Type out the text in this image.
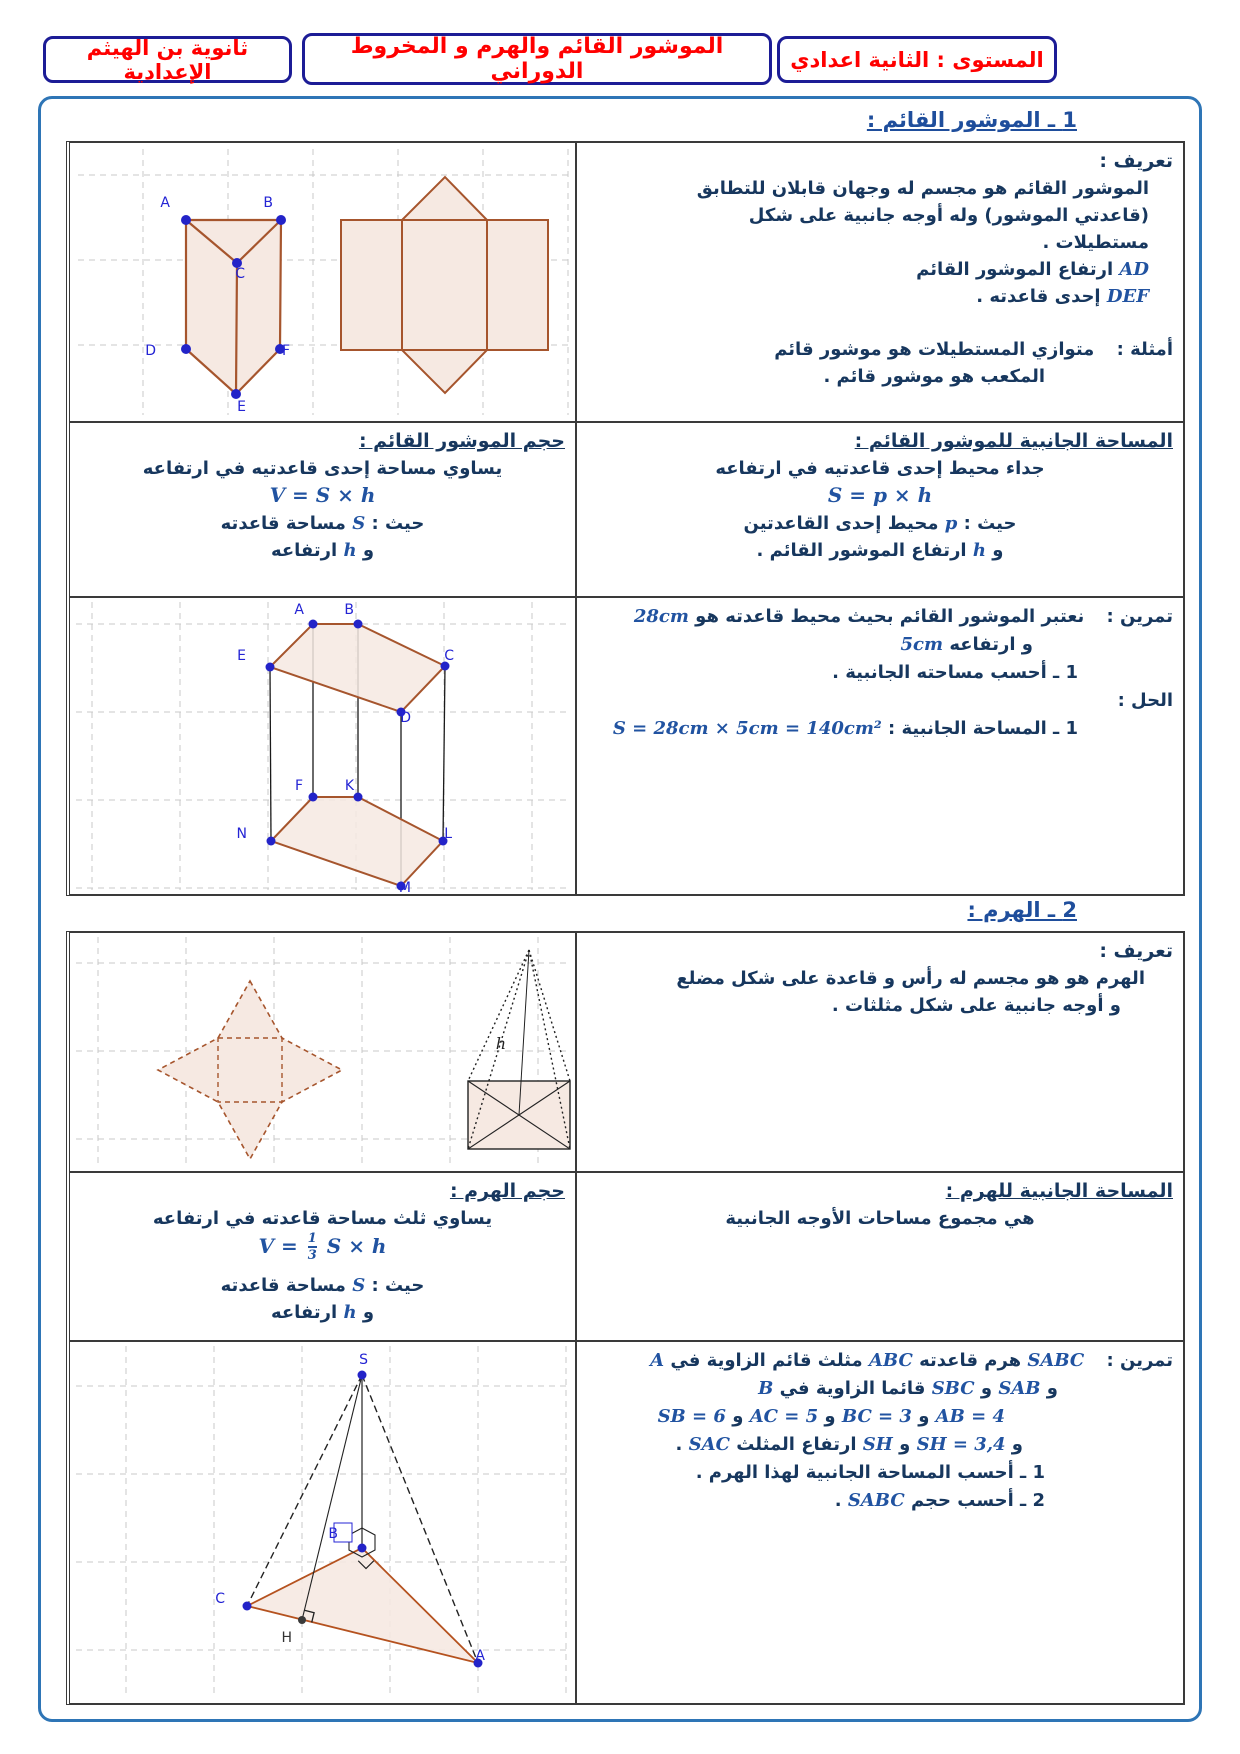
المستوى : الثانية اعدادي
الموشور القائم والهرم و المخروط الدوراني
ثانوية بن الهيثم الإعدادية
1 ـ الموشور القائم :
تعريف :
الموشور القائم هو مجسم له وجهان قابلان للتطابق
(قاعدتي الموشور) وله أوجه جانبية على شكل
مستطيلات .
AD ارتفاع الموشور القائم
DEF إحدى قاعدته .
أمثلة : متوازي المستطيلات هو موشور قائم
المكعب هو موشور قائم .
A	B
C
D	F
E
المساحة الجانبية للموشور القائم :
جداء محيط إحدى قاعدتيه في ارتفاعه
S = p × h
حيث : p محيط إحدى القاعدتين
و h ارتفاع الموشور القائم .
حجم الموشور القائم :
يساوي مساحة إحدى قاعدتيه في ارتفاعه
V = S × h
حيث : S مساحة قاعدته
و h ارتفاعه
تمرين : نعتبر الموشور القائم بحيث محيط قاعدته هو 28cm
و ارتفاعه 5cm
1 ـ أحسب مساحته الجانبية .
الحل :
1 ـ المساحة الجانبية : S = 28cm × 5cm = 140cm²
A	B
E	C
D
F	K
N	L
M
2 ـ الهرم :
تعريف :
الهرم هو هو مجسم له رأس و قاعدة على شكل مضلع
و أوجه جانبية على شكل مثلثات .
h
المساحة الجانبية للهرم :
هي مجموع مساحات الأوجه الجانبية
حجم الهرم :
يساوي ثلث مساحة قاعدته في ارتفاعه
$V = \frac{1}{3}$ S × h
حيث : S مساحة قاعدته
و h ارتفاعه
تمرين : SABC هرم قاعدته ABC مثلث قائم الزاوية في A
و SAB و SBC قائما الزاوية في B
AB = 4 و BC = 3 و AC = 5 و SB = 6
و SH = 3,4 و SH ارتفاع المثلث SAC .
1 ـ أحسب المساحة الجانبية لهذا الهرم .
2 ـ أحسب حجم SABC .
S
B
C
A
H
